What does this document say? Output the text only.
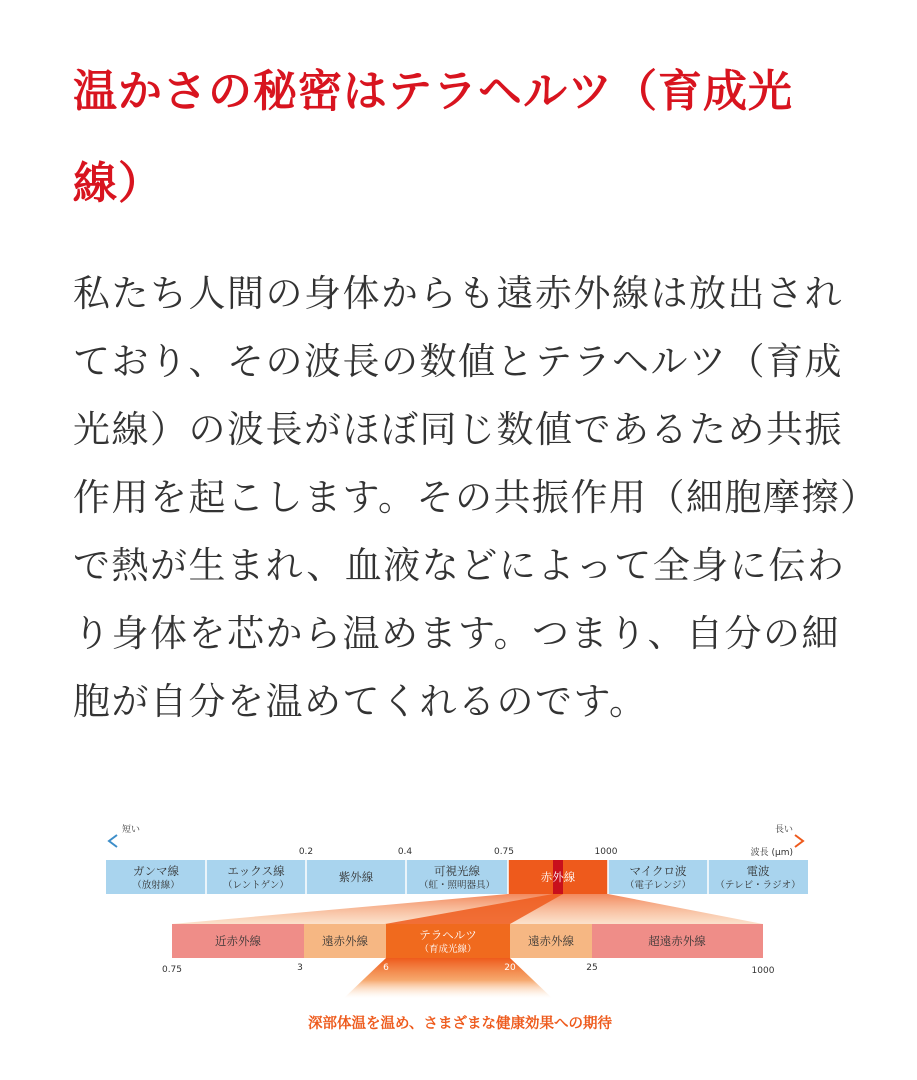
温かさの秘密はテラヘルツ（育成光線）

私たち人間の身体からも遠赤外線は放出されており、その波長の数値とテラヘルツ（育成光線）の波長がほぼ同じ数値であるため共振作用を起こします。その共振作用（細胞摩擦）で熱が生まれ、血液などによって全身に伝わり身体を芯から温めます。つまり、自分の細胞が自分を温めてくれるのです。

短い	長い
波長 (μm)
0.2	0.4	0.75	1000
ガンマ線
（放射線）
エックス線
（レントゲン）
紫外線	可視光線
（虹・照明器具）
赤外線	マイクロ波
（電子レンジ）
電波
（テレビ・ラジオ）
近赤外線	遠赤外線	テラヘルツ
（育成光線）
遠赤外線	超遠赤外線
0.75	3	6	20	25	1000
深部体温を温め、さまざまな健康効果への期待
